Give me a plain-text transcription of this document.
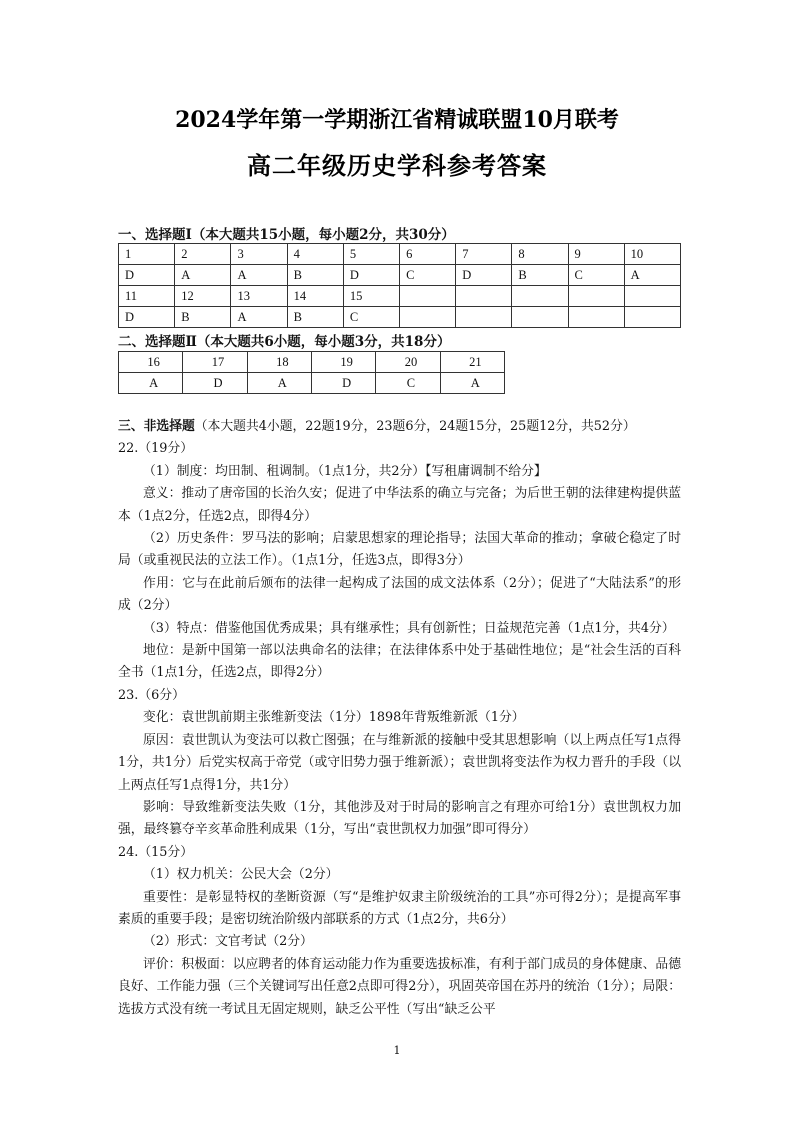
2024学年第一学期浙江省精诚联盟10月联考
高二年级历史学科参考答案
一、选择题Ⅰ（本大题共15小题，每小题2分，共30分）
1	2	3	4	5	6	7	8	9	10
D	A	A	B	D	C	D	B	C	A
11	12	13	14	15					
D	B	A	B	C					
二、选择题Ⅱ（本大题共6小题，每小题3分，共18分）
16	17	18	19	20	21
A	D	A	D	C	A

三、非选择题（本大题共4小题，22题19分，23题6分，24题15分，25题12分，共52分）

22.（19分）

（1）制度：均田制、租调制。（1点1分，共2分）【写租庸调制不给分】

意义：推动了唐帝国的长治久安；促进了中华法系的确立与完备；为后世王朝的法律建构提供蓝本（1点2分，任选2点，即得4分）

（2）历史条件：罗马法的影响；启蒙思想家的理论指导；法国大革命的推动；拿破仑稳定了时局（或重视民法的立法工作）。（1点1分，任选3点，即得3分）

作用：它与在此前后颁布的法律一起构成了法国的成文法体系（2分）；促进了“大陆法系”的形成（2分）

（3）特点：借鉴他国优秀成果；具有继承性；具有创新性；日益规范完善（1点1分，共4分）

地位：是新中国第一部以法典命名的法律；在法律体系中处于基础性地位；是“社会生活的百科全书（1点1分，任选2点，即得2分）

23.（6分）

变化：袁世凯前期主张维新变法（1分）1898年背叛维新派（1分）

原因：袁世凯认为变法可以救亡图强；在与维新派的接触中受其思想影响（以上两点任写1点得1分，共1分）后党实权高于帝党（或守旧势力强于维新派）；袁世凯将变法作为权力晋升的手段（以上两点任写1点得1分，共1分）

影响：导致维新变法失败（1分，其他涉及对于时局的影响言之有理亦可给1分）袁世凯权力加强，最终篡夺辛亥革命胜利成果（1分，写出“袁世凯权力加强”即可得分）

24.（15分）

（1）权力机关：公民大会（2分）

重要性：是彰显特权的垄断资源（写“是维护奴隶主阶级统治的工具”亦可得2分）；是提高军事素质的重要手段；是密切统治阶级内部联系的方式（1点2分，共6分）

（2）形式：文官考试（2分）

评价：积极面：以应聘者的体育运动能力作为重要选拔标准，有利于部门成员的身体健康、品德良好、工作能力强（三个关键词写出任意2点即可得2分），巩固英帝国在苏丹的统治（1分）；局限：选拔方式没有统一考试且无固定规则，缺乏公平性（写出“缺乏公平

1
